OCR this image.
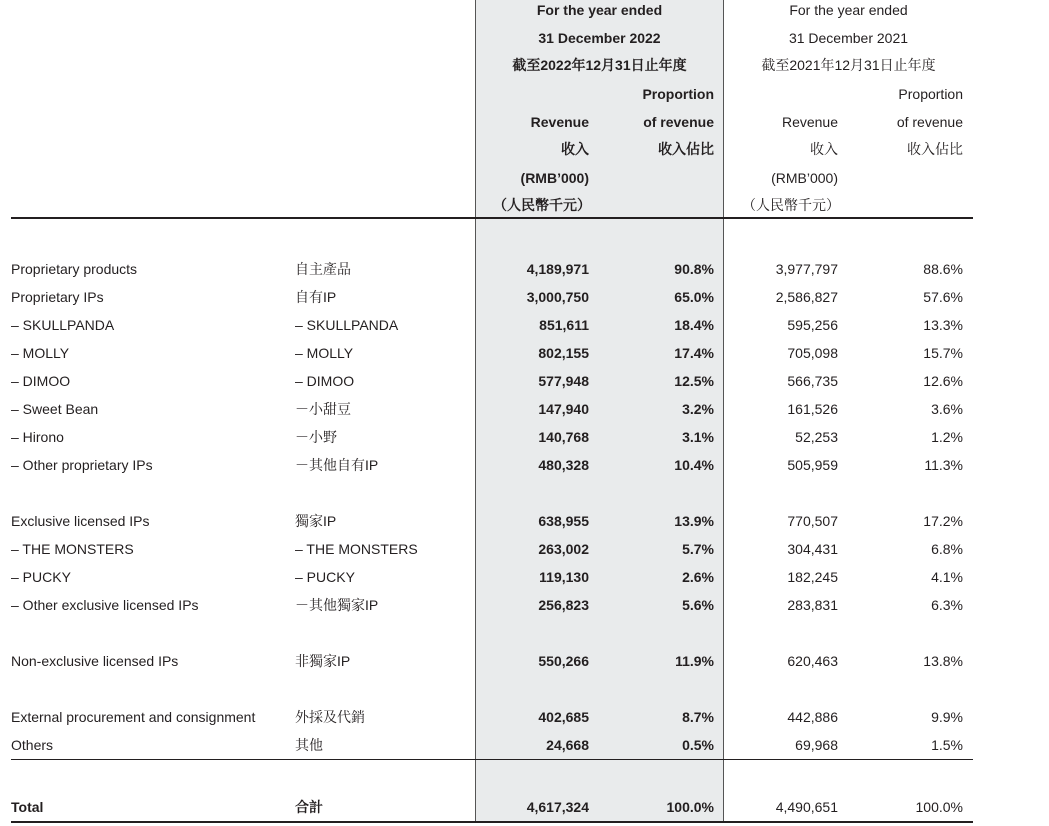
For the year ended
31 December 2022
截至2022年12月31日止年度
Proportion
Revenue	of revenue
收入	收入佔比
(RMB’000)
（人民幣千元）
For the year ended
31 December 2021
截至2021年12月31日止年度
Proportion
Revenue	of revenue
收入	收入佔比
(RMB’000)
（人民幣千元）
Proprietary products	自主產品	4,189,971	90.8%	3,977,797	88.6%
Proprietary IPs	自有IP	3,000,750	65.0%	2,586,827	57.6%
– SKULLPANDA	– SKULLPANDA	851,611	18.4%	595,256	13.3%
– MOLLY	– MOLLY	802,155	17.4%	705,098	15.7%
– DIMOO	– DIMOO	577,948	12.5%	566,735	12.6%
– Sweet Bean	－小甜豆	147,940	3.2%	161,526	3.6%
– Hirono	－小野	140,768	3.1%	52,253	1.2%
– Other proprietary IPs	－其他自有IP	480,328	10.4%	505,959	11.3%
Exclusive licensed IPs	獨家IP	638,955	13.9%	770,507	17.2%
– THE MONSTERS	– THE MONSTERS	263,002	5.7%	304,431	6.8%
– PUCKY	– PUCKY	119,130	2.6%	182,245	4.1%
– Other exclusive licensed IPs	－其他獨家IP	256,823	5.6%	283,831	6.3%
Non-exclusive licensed IPs	非獨家IP	550,266	11.9%	620,463	13.8%
External procurement and consignment	外採及代銷	402,685	8.7%	442,886	9.9%
Others	其他	24,668	0.5%	69,968	1.5%
Total	合計	4,617,324	100.0%	4,490,651	100.0%
